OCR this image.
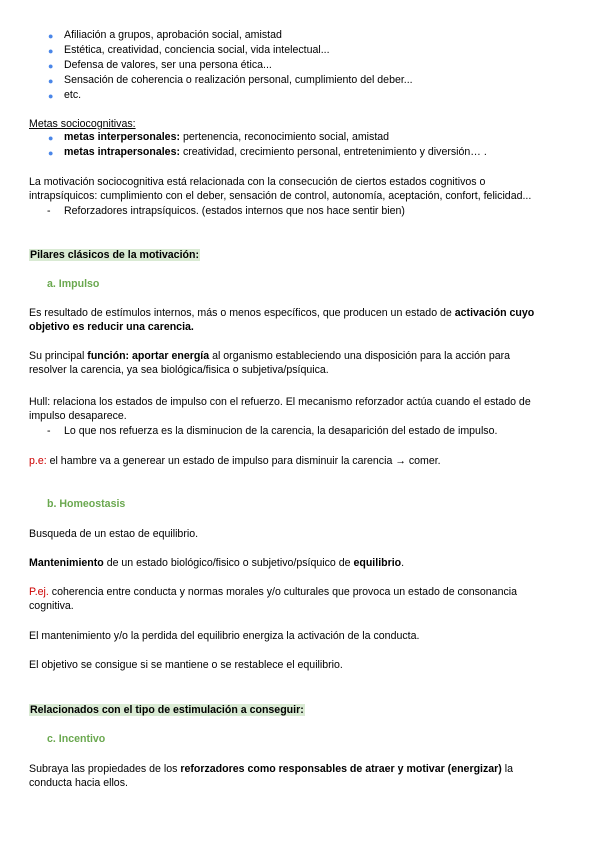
● Afiliación a grupos, aprobación social, amistad
● Estética, creatividad, conciencia social, vida intelectual...
● Defensa de valores, ser una persona ética...
● Sensación de coherencia o realización personal, cumplimiento del deber...
● etc.
Metas sociocognitivas:
● metas interpersonales: pertenencia, reconocimiento social, amistad
● metas intrapersonales: creatividad, crecimiento personal, entretenimiento y diversión… .
La motivación sociocognitiva está relacionada con la consecución de ciertos estados cognitivos o
intrapsíquicos: cumplimiento con el deber, sensación de control, autonomía, aceptación, confort, felicidad...
- Reforzadores intrapsíquicos. (estados internos que nos hace sentir bien)
Pilares clásicos de la motivación:
a. Impulso
Es resultado de estímulos internos, más o menos específicos, que producen un estado de activación cuyo
objetivo es reducir una carencia.
Su principal función: aportar energía al organismo estableciendo una disposición para la acción para
resolver la carencia, ya sea biológica/fisica o subjetiva/psíquica.
Hull: relaciona los estados de impulso con el refuerzo. El mecanismo reforzador actúa cuando el estado de
impulso desaparece.
- Lo que nos refuerza es la disminucion de la carencia, la desaparición del estado de impulso.
p.e: el hambre va a generear un estado de impulso para disminuir la carencia → comer.
b. Homeostasis
Busqueda de un estao de equilibrio.
Mantenimiento de un estado biológico/fisico o subjetivo/psíquico de equilibrio.
P.ej. coherencia entre conducta y normas morales y/o culturales que provoca un estado de consonancia
cognitiva.
El mantenimiento y/o la perdida del equilibrio energiza la activación de la conducta.
El objetivo se consigue si se mantiene o se restablece el equilibrio.
Relacionados con el tipo de estimulación a conseguir:
c. Incentivo
Subraya las propiedades de los reforzadores como responsables de atraer y motivar (energizar) la
conducta hacia ellos.
